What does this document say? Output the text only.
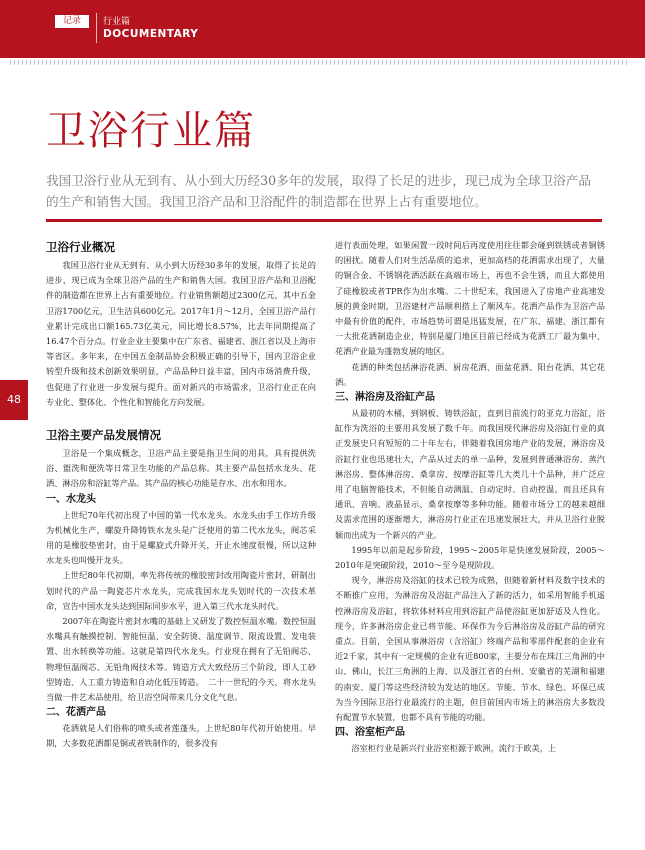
记录	行业篇
DOCUMENTARY
卫浴行业篇
我国卫浴行业从无到有、从小到大历经30多年的发展，取得了长足的进步，现已成为全球卫浴产品的生产和销售大国。我国卫浴产品和卫浴配件的制造都在世界上占有重要地位。
48
卫浴行业概况

我国卫浴行业从无到有、从小到大历经30多年的发展，取得了长足的进步，现已成为全球卫浴产品的生产和销售大国。我国卫浴产品和卫浴配件的制造都在世界上占有重要地位。行业销售额超过2300亿元，其中五金卫浴1700亿元，卫生洁具600亿元。2017年1月～12月，全国卫浴产品行业累计完成出口额165.73亿美元，同比增长8.57%，比去年同期提高了16.47个百分点。行业企业主要集中在广东省、福建省、浙江省以及上海市等省区。多年来，在中国五金制品协会积极正确的引导下，国内卫浴企业转型升级和技术创新效果明显，产品品种日益丰富，国内市场消费升级，也促进了行业进一步发展与提升。面对新兴的市场需求，卫浴行业正在向专业化、整体化、个性化和智能化方向发展。

卫浴主要产品发展情况

卫浴是一个集成概念，卫浴产品主要是指卫生间的用具，具有提供洗浴、盥洗和便洗等日常卫生功能的产品总称。其主要产品包括水龙头、花洒、淋浴房和浴缸等产品。其产品的核心功能是存水、出水和用水。

一、水龙头

上世纪70年代初出现了中国的第一代水龙头。水龙头由手工作坊升级为机械化生产，螺旋升降铸铁水龙头是广泛使用的第二代水龙头，阀芯采用的是橡胶垫密封，由于是螺旋式升降开关，开止水速度很慢，所以这种水龙头也叫慢开龙头。

上世纪80年代初期，率先将传统的橡胶密封改用陶瓷片密封，研制出划时代的产品一陶瓷芯片水龙头，完成我国水龙头划时代的一次技术革命，宣告中国水龙头达到国际同步水平，进入第三代水龙头时代。

2007年在陶瓷片密封水嘴的基础上又研发了数控恒温水嘴。数控恒温水嘴具有触摸控制、智能恒温、安全防烫、温度调节、限流设置、发电装置、出水转换等功能。这就是第四代水龙头。行业现在拥有了无铅阀芯、物理恒温阀芯、无铅角阀技术等。铸造方式大致经历三个阶段，即人工砂型铸造、人工重力铸造和自动化低压铸造。　二十一世纪的今天，将水龙头当做一件艺术品使用，给卫浴空间带来几分文化气息。

二、花洒产品

花洒就是人们俗称的喷头或者莲蓬头，上世纪80年代初开始使用。早期，大多数花洒都是铜或者铁制作的，很多没有

进行表面处理，如果闲置一段时间后再度使用往往都会碰到铁锈或者铜锈的困扰。随着人们对生活品质的追求，更加高档的花洒需求出现了，大量的铜合金、不锈钢花洒活跃在高端市场上，再也不会生锈，而且大都使用了硅橡胶或者TPR作为出水嘴。二十世纪末，我国进入了房地产业高速发展的黄金时期，卫浴建材产品顺利搭上了顺风车。花洒产品作为卫浴产品中最有价值的配件，市场趋势可谓是迅猛发展，在广东、福建、浙江都有一大批花洒制造企业，特别是厦门地区目前已经成为花洒工厂最为集中、花洒产业最为蓬勃发展的地区。

花洒的种类包括淋浴花洒、厨房花洒、面盆花洒、阳台花洒、其它花洒。

三、淋浴房及浴缸产品

从最初的木桶，到钢板、铸铁浴缸，直到目前流行的亚克力浴缸，浴缸作为洗浴的主要用具发展了数千年。而我国现代淋浴房及浴缸行业的真正发展史只有短短的二十年左右，伴随着我国房地产业的发展，淋浴房及浴缸行业也迅速壮大，产品从过去的单一品种，发展到普通淋浴房、蒸汽淋浴房、整体淋浴房、桑拿房、按摩浴缸等几大类几十个品种，并广泛应用了电脑智能技术，不但能自动测温、自动定时、自动控温，而且还具有通讯、音响、液晶显示、桑拿按摩等多种功能。随着市场分工的越来越细及需求范围的逐渐增大，淋浴房行业正在迅速发展壮大，并从卫浴行业脱颖而出成为一个新兴的产业。

1995年以前是起步阶段，1995～2005年是快速发展阶段，2005～2010年是突破阶段，2010～至今是现阶段。

现今，淋浴房及浴缸的技术已较为成熟，但随着新材料及数字技术的不断推广应用，为淋浴房及浴缸产品注入了新的活力，如采用智能手机遥控淋浴房及浴缸，将软体材料应用到浴缸产品使浴缸更加舒适及人性化。现今，许多淋浴房企业已将节能、环保作为今后淋浴房及浴缸产品的研究重点。目前，全国从事淋浴房（含浴缸）终端产品和零部件配套的企业有近2千家，其中有一定规模的企业有近800家，主要分布在珠江三角洲的中山、佛山，长江三角洲的上海、以及浙江省的台州、安徽省的芜湖和福建的南安、厦门等这些经济较为发达的地区。节能、节水、绿色、环保已成为当今国际卫浴行业最流行的主题，但目前国内市场上的淋浴房大多数没有配置节水装置，也都不具有节能的功能。

四、浴室柜产品

浴室柜行业是新兴行业浴室柜源于欧洲，流行于欧美，上
